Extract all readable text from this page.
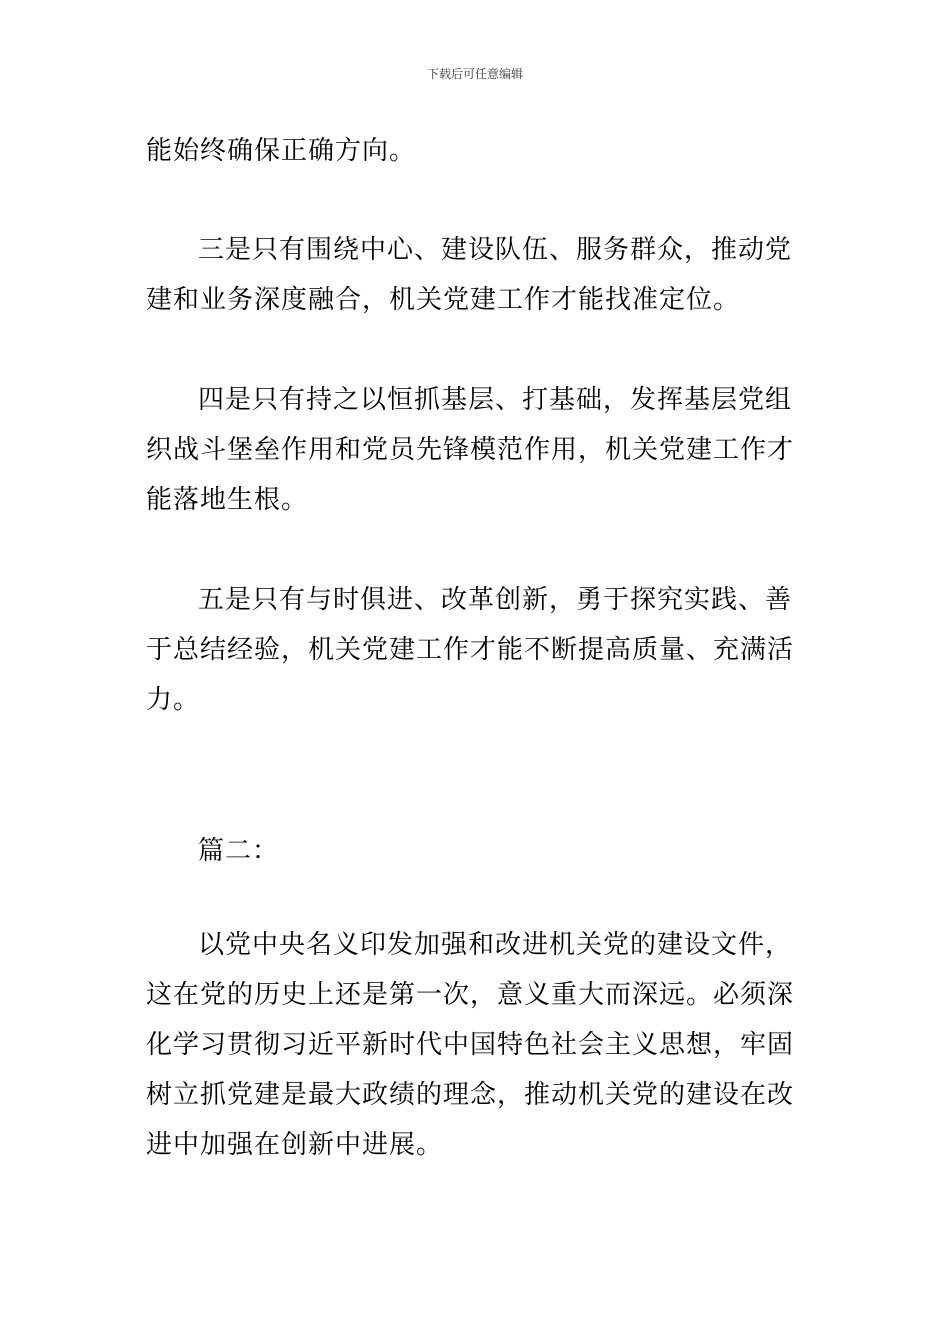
下载后可任意编辑

能始终确保正确方向。

三是只有围绕中心、建设队伍、服务群众，推动党建和业务深度融合，机关党建工作才能找准定位。

四是只有持之以恒抓基层、打基础，发挥基层党组织战斗堡垒作用和党员先锋模范作用，机关党建工作才能落地生根。

五是只有与时俱进、改革创新，勇于探究实践、善于总结经验，机关党建工作才能不断提高质量、充满活力。

篇二：

以党中央名义印发加强和改进机关党的建设文件，这在党的历史上还是第一次，意义重大而深远。必须深化学习贯彻习近平新时代中国特色社会主义思想，牢固树立抓党建是最大政绩的理念，推动机关党的建设在改进中加强在创新中进展。
